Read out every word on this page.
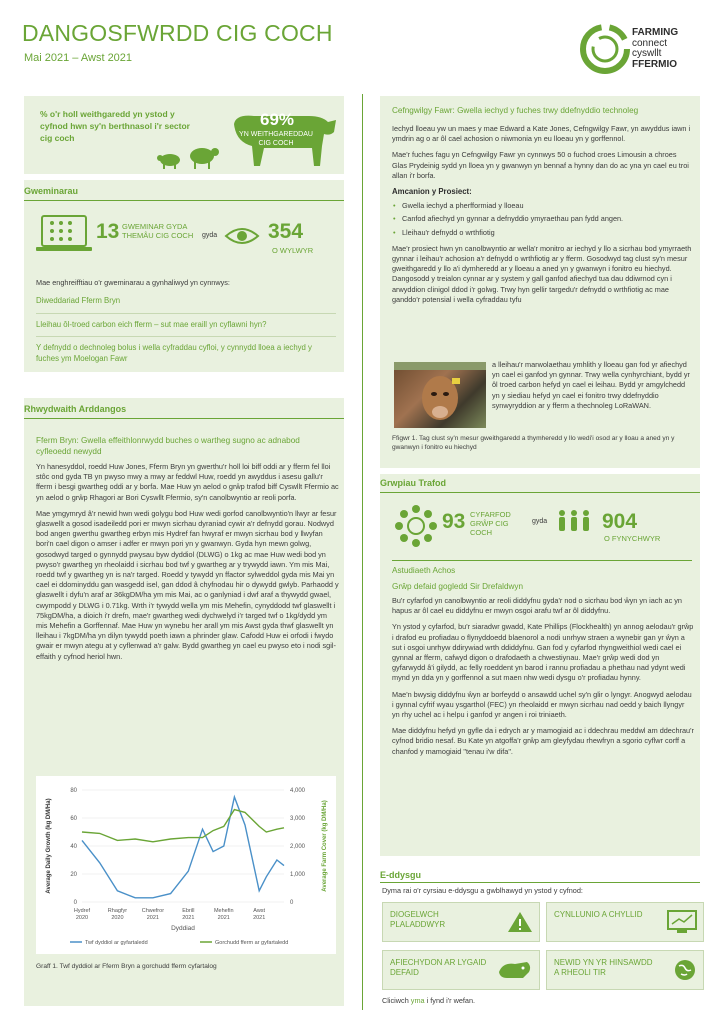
DANGOSFWRDD CIG COCH
Mai 2021 – Awst 2021
FARMING
connect
cyswllt
FFERMIO
% o'r holl weithgaredd yn ystod y cyfnod hwn sy'n berthnasol i'r sector cig coch
69%
YN WEITHGAREDDAU CIG COCH
Gweminarau
13 GWEMINAR GYDA THEMÂU CIG COCH	gyda 354
O WYLWYR
Mae enghreifftiau o'r gweminarau a gynhaliwyd yn cynnwys:
Diweddariad Fferm Bryn
Lleihau ôl-troed carbon eich fferm – sut mae eraill yn cyflawni hyn?
Y defnydd o dechnoleg bolus i wella cyfraddau cyfloi, y cynnydd lloea a iechyd y fuches ym Moelogan Fawr
Rhwydwaith Arddangos
Fferm Bryn: Gwella effeithlonrwydd buches o wartheg sugno ac adnabod cyfleoedd newydd

Yn hanesyddol, roedd Huw Jones, Fferm Bryn yn gwerthu'r holl loi biff oddi ar y fferm fel lloi stôc ond gyda TB yn pwyso mwy a mwy ar feddwl Huw, roedd yn awyddus i asesu gallu'r fferm i besgi gwartheg oddi ar y borfa. Mae Huw yn aelod o grŵp trafod biff Cyswllt Ffermio ac yn aelod o grŵp Rhagori ar Bori Cyswllt Ffermio, sy'n canolbwyntio ar reoli porfa.

Mae ymgymryd â'r newid hwn wedi golygu bod Huw wedi gorfod canolbwyntio'n llwyr ar fesur glaswellt a gosod isadeiledd pori er mwyn sicrhau dyraniad cywir a'r defnydd gorau. Nodwyd bod angen gwerthu gwartheg erbyn mis Hydref fan hwyraf er mwyn sicrhau bod y llwyfan bori'n cael digon o amser i adfer er mwyn pori yn y gwanwyn. Gyda hyn mewn golwg, gosodwyd targed o gynnydd pwysau byw dyddiol (DLWG) o 1kg ac mae Huw wedi bod yn pwyso'r gwartheg yn rheolaidd i sicrhau bod twf y gwartheg ar y trywydd iawn. Ym mis Mai, roedd twf y gwartheg yn is na'r targed. Roedd y tywydd yn ffactor sylweddol gyda mis Mai yn cael ei ddominyddu gan wasgedd isel, gan ddod â chyfnodau hir o dywydd gwlyb. Parhaodd y glaswellt i dyfu'n araf ar 36kgDM/ha ym mis Mai, ac o ganlyniad i dwf araf a thywydd gwael, cwympodd y DLWG i 0.71kg. Wrth i'r tywydd wella ym mis Mehefin, cynyddodd twf glaswellt i 75kgDM/ha, a dioich i'r drefn, mae'r gwartheg wedi dychwelyd i'r targed twf o 1kg/dydd ym mis Mehefin a Gorffennaf. Mae Huw yn wynebu her arall ym mis Awst gyda thwf glaswellt yn lleihau i 7kgDM/ha yn dilyn tywydd poeth iawn a phrinder glaw. Cafodd Huw ei orfodi i fwydo gwair er mwyn ategu at y cyflenwad a'r galw. Bydd gwartheg yn cael eu pwyso eto i nodi sgil-effaith y cyfnod heriol hwn.

0
20
40
60
80
0
1,000
2,000
3,000
4,000
Hydref
2020
Rhagfyr
2020
Chwefror
2021
Ebrill
2021
Mehefin
2021
Awst
2021
Average Daily Growth (kg DM/Ha)	Average Farm Cover (kg DM/Ha)
Dyddiad
Twf dyddiol ar gyfartaledd	Gorchudd fferm ar gyfartaledd
Graff 1. Twf dyddiol ar Fferm Bryn a gorchudd fferm cyfartalog
Cefngwilgy Fawr: Gwella iechyd y fuches trwy ddefnyddio technoleg

Iechyd lloeau yw un maes y mae Edward a Kate Jones, Cefngwilgy Fawr, yn awyddus iawn i ymdrin ag o ar ôl cael achosion o niwmonia yn eu lloeau yn y gorffennol.

Mae'r fuches fagu yn Cefngwilgy Fawr yn cynnwys 50 o fuchod croes Limousin a chroes Glas Prydeinig sydd yn lloea yn y gwanwyn yn bennaf a hynny dan do ac yna yn cael eu troi allan i'r borfa.

Amcanion y Prosiect:
• Gwella iechyd a pherfformiad y lloeau
• Canfod afiechyd yn gynnar a defnyddio ymyraethau pan fydd angen.
• Lleihau'r defnydd o wrthfiotig

Mae'r prosiect hwn yn canolbwyntio ar wella'r monitro ar iechyd y llo a sicrhau bod ymyrraeth gynnar i leihau'r achosion a'r defnydd o wrthfiotig ar y fferm. Gosodwyd tag clust sy'n mesur gweithgaredd y llo a'i dymheredd ar y lloeau a aned yn y gwanwyn i fonitro eu hiechyd. Dangosodd y treialon cynnar ar y system y gall ganfod afiechyd tua dau ddiwrnod cyn i arwyddion clinigol ddod i'r golwg. Trwy hyn gellir targedu'r defnydd o wrthfiotig ac mae ganddo'r potensial i wella cyfraddau tyfu

a lleihau'r marwolaethau ymhlith y lloeau gan fod yr afiechyd yn cael ei ganfod yn gynnar. Trwy wella cynhyrchiant, bydd yr ôl troed carbon hefyd yn cael ei leihau. Bydd yr amgylchedd yn y siediau hefyd yn cael ei fonitro trwy ddefnyddio synwyryddion ar y fferm a thechnoleg LoRaWAN.
Ffigwr 1. Tag clust sy'n mesur gweithgaredd a thymheredd y llo wedi'i osod ar y lloau a aned yn y gwanwyn i fonitro eu hiechyd
Grwpiau Trafod
93 CYFARFOD GRŴP CIG COCH
gyda	904
O FYNYCHWYR
Astudiaeth Achos
Grŵp defaid gogledd Sir Drefaldwyn

Bu'r cyfarfod yn canolbwyntio ar reoli diddyfnu gyda'r nod o sicrhau bod ŵyn yn iach ac yn hapus ar ôl cael eu diddyfnu er mwyn osgoi arafu twf ar ôl diddyfnu.

Yn ystod y cyfarfod, bu'r siaradwr gwadd, Kate Phillips (Flockhealth) yn annog aelodau'r grŵp i drafod eu profiadau o flynyddoedd blaenorol a nodi unrhyw straen a wynebir gan yr ŵyn a sut i osgoi unrhyw ddirywiad wrth ddiddyfnu. Gan fod y cyfarfod rhyngweithiol wedi cael ei gynnal ar fferm, cafwyd digon o drafodaeth a chwestiynau. Mae'r grŵp wedi dod yn gyfarwydd â'i gilydd, ac felly roeddent yn barod i rannu profiadau a phethau nad ydynt wedi mynd yn dda yn y gorffennol a sut maen nhw wedi dysgu o'r profiadau hynny.

Mae'n bwysig diddyfnu ŵyn ar borfeydd o ansawdd uchel sy'n glir o lyngyr. Anogwyd aelodau i gynnal cyfrif wyau ysgarthol (FEC) yn rheolaidd er mwyn sicrhau nad oedd y baich llyngyr yn rhy uchel ac i helpu i ganfod yr angen i roi triniaeth.

Mae diddyfnu hefyd yn gyfle da i edrych ar y mamogiaid ac i ddechrau meddwl am ddechrau'r cyfnod bridio nesaf. Bu Kate yn atgoffa'r grŵp am gleyfydau rhewfryn a sgorio cyflwr corff a chanfod y mamogiaid "tenau i'w difa".

E-ddysgu
Dyma rai o'r cyrsiau e-ddysgu a gwblhawyd yn ystod y cyfnod:
DIOGELWCH PLALADDWYR
CYNLLUNIO A CHYLLID
AFIECHYDON AR LYGAID DEFAID
NEWID YN YR HINSAWDD A RHEOLI TIR
Cliciwch yma i fynd i'r wefan.
